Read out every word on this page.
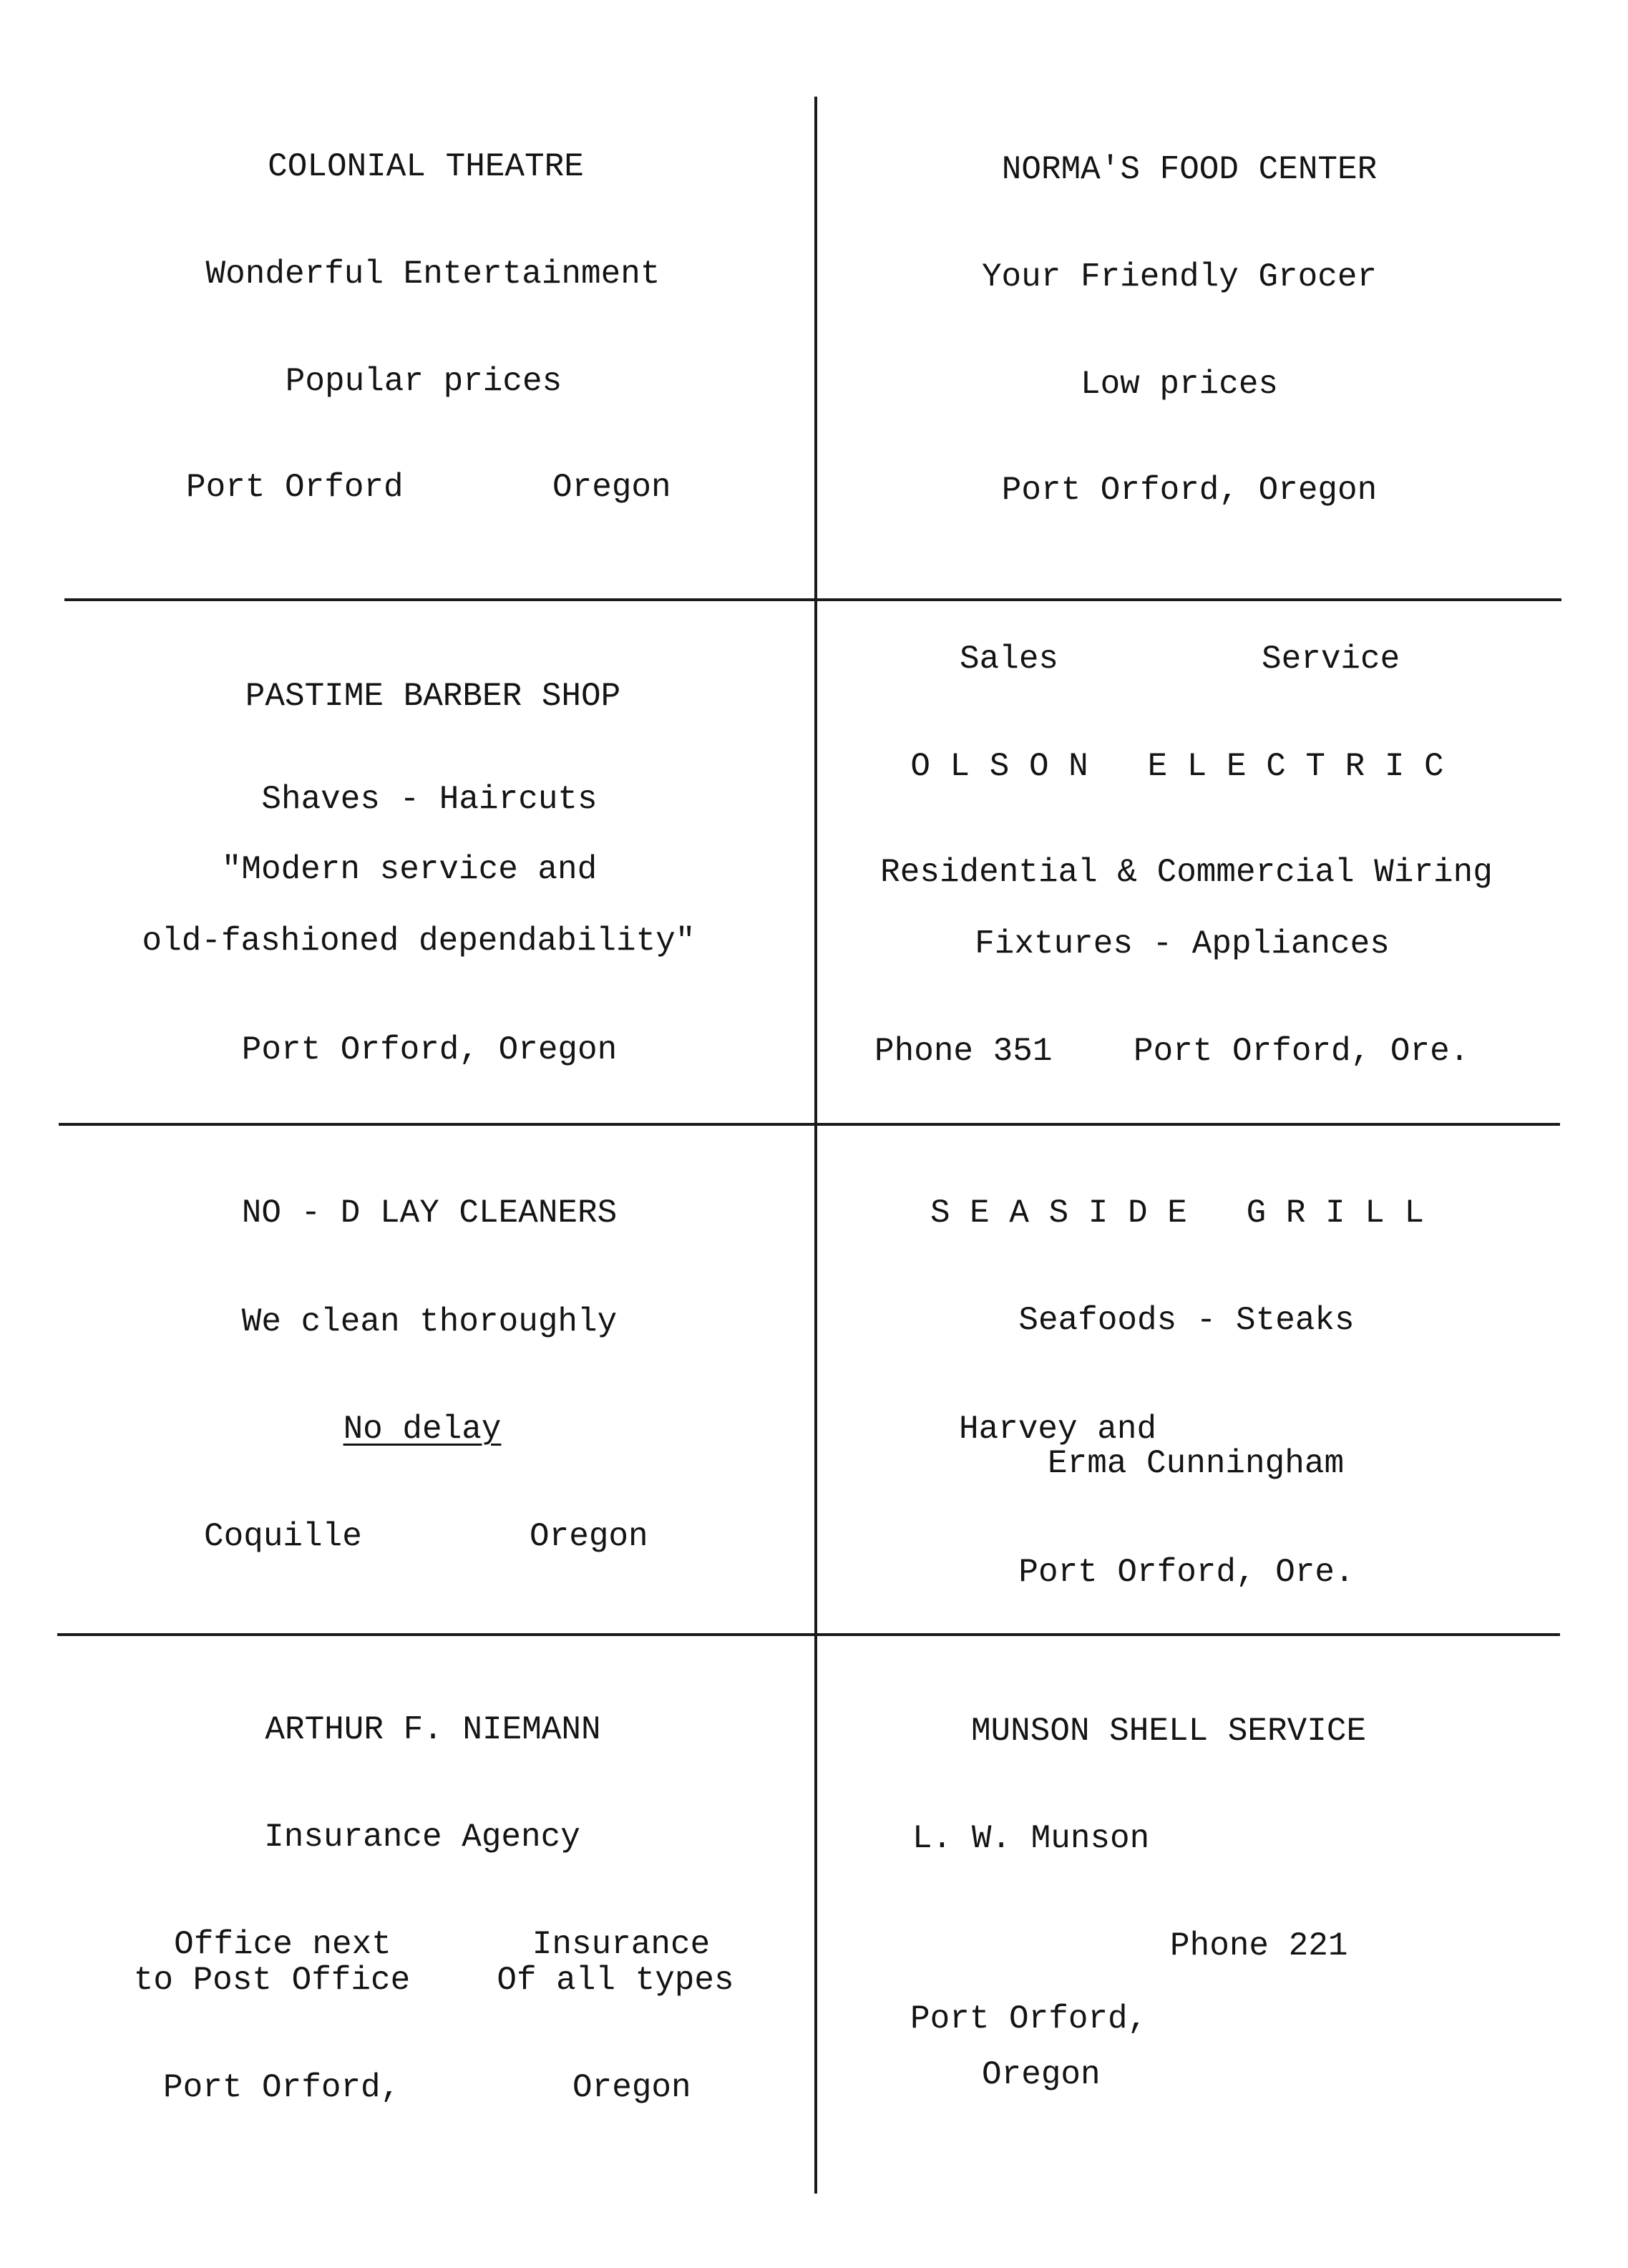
COLONIAL THEATRE
Wonderful Entertainment
Popular prices
Port Orford	Oregon
NORMA'S FOOD CENTER
Your Friendly Grocer
Low prices
Port Orford, Oregon
PASTIME BARBER SHOP
Shaves - Haircuts
"Modern service and
old-fashioned dependability"
Port Orford, Oregon
Sales	Service
O L S O N   E L E C T R I C
Residential & Commercial Wiring
Fixtures - Appliances
Phone 351 Port Orford, Ore.
NO - D LAY CLEANERS
We clean thoroughly
No delay
Coquille	Oregon
S E A S I D E   G R I L L
Seafoods - Steaks
Harvey and
Erma Cunningham
Port Orford, Ore.
ARTHUR F. NIEMANN
Insurance Agency
Office next
to Post Office
Insurance
Of all types
Port Orford,	Oregon
MUNSON SHELL SERVICE
L. W. Munson
Phone 221
Port Orford,
Oregon
